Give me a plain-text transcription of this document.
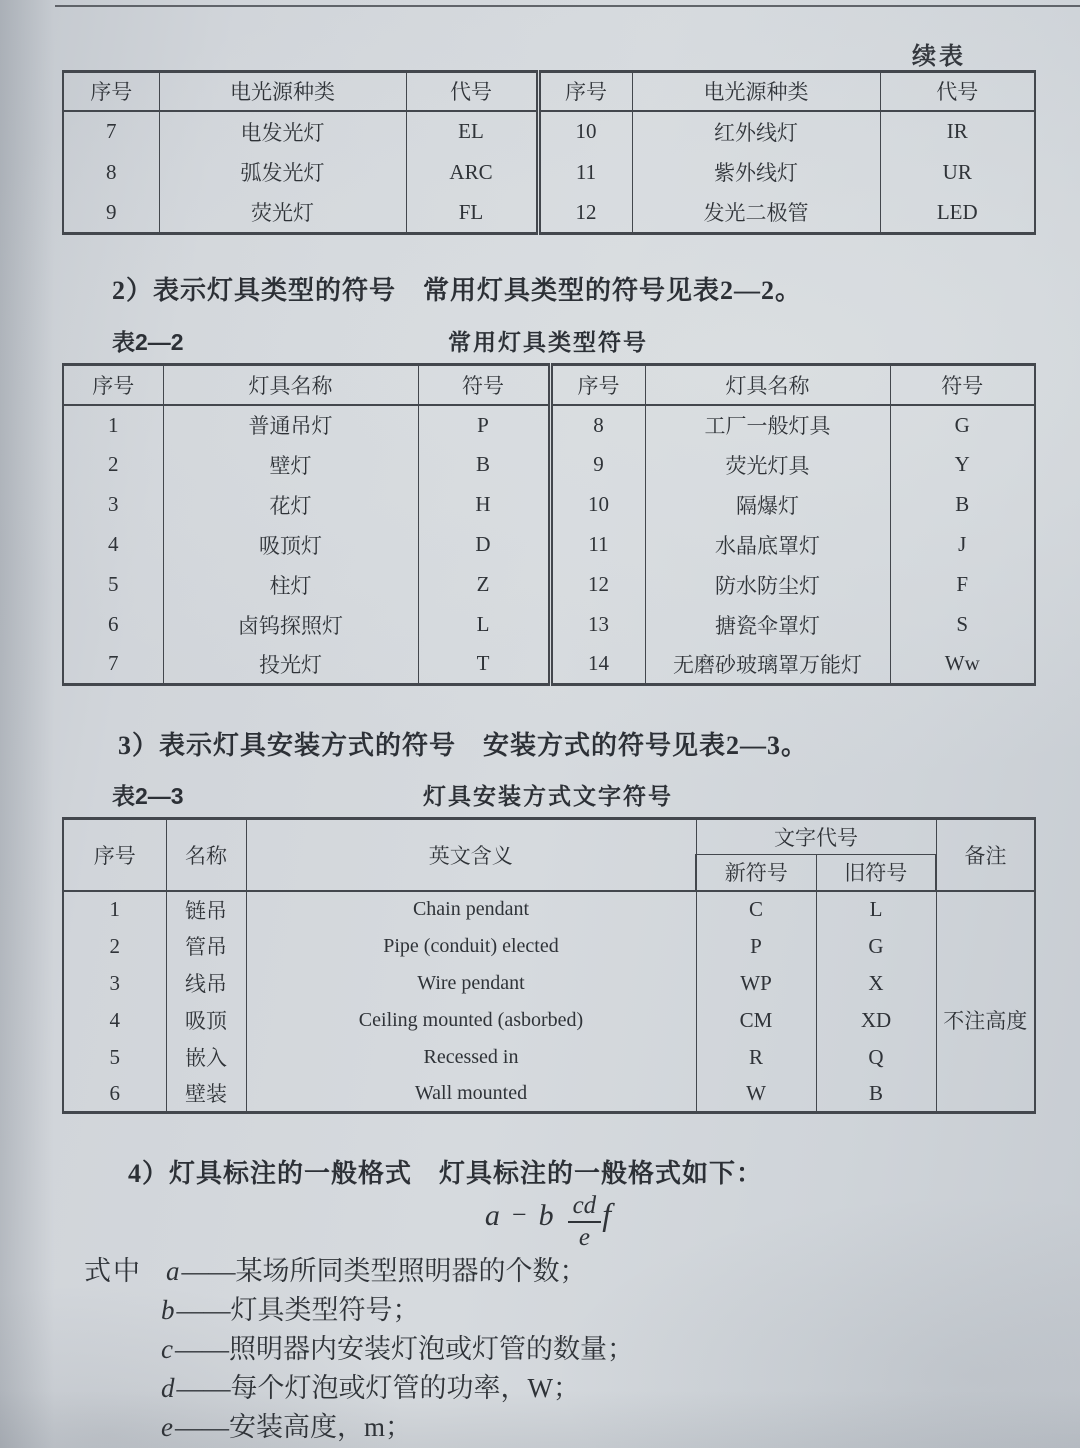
续表
序号	电光源种类	代号	序号	电光源种类	代号
7	电发光灯	EL	10	红外线灯	IR
8	弧发光灯	ARC	11	紫外线灯	UR
9	荧光灯	FL	12	发光二极管	LED
2）表示灯具类型的符号　常用灯具类型的符号见表2—2。
表2—2	常用灯具类型符号
序号	灯具名称	符号	序号	灯具名称	符号
1	普通吊灯	P	8	工厂一般灯具	G
2	壁灯	B	9	荧光灯具	Y
3	花灯	H	10	隔爆灯	B
4	吸顶灯	D	11	水晶底罩灯	J
5	柱灯	Z	12	防水防尘灯	F
6	卤钨探照灯	L	13	搪瓷伞罩灯	S
7	投光灯	T	14	无磨砂玻璃罩万能灯	Ww
3）表示灯具安装方式的符号　安装方式的符号见表2—3。
表2—3	灯具安装方式文字符号
序号	名称	英文含义	文字代号		备注
			新符号	旧符号	
1	链吊	Chain pendant	C	L	
2	管吊	Pipe (conduit) elected	P	G	
3	线吊	Wire pendant	WP	X	
4	吸顶	Ceiling mounted (asborbed)	CM	XD	不注高度
5	嵌入	Recessed in	R	Q	
6	壁装	Wall mounted	W	B	
4）灯具标注的一般格式　灯具标注的一般格式如下：
a − b $\frac{cd}{e}$ f
式中 a——某场所同类型照明器的个数；
b——灯具类型符号；
c——照明器内安装灯泡或灯管的数量；
d——每个灯泡或灯管的功率，W；
e——安装高度，m；
